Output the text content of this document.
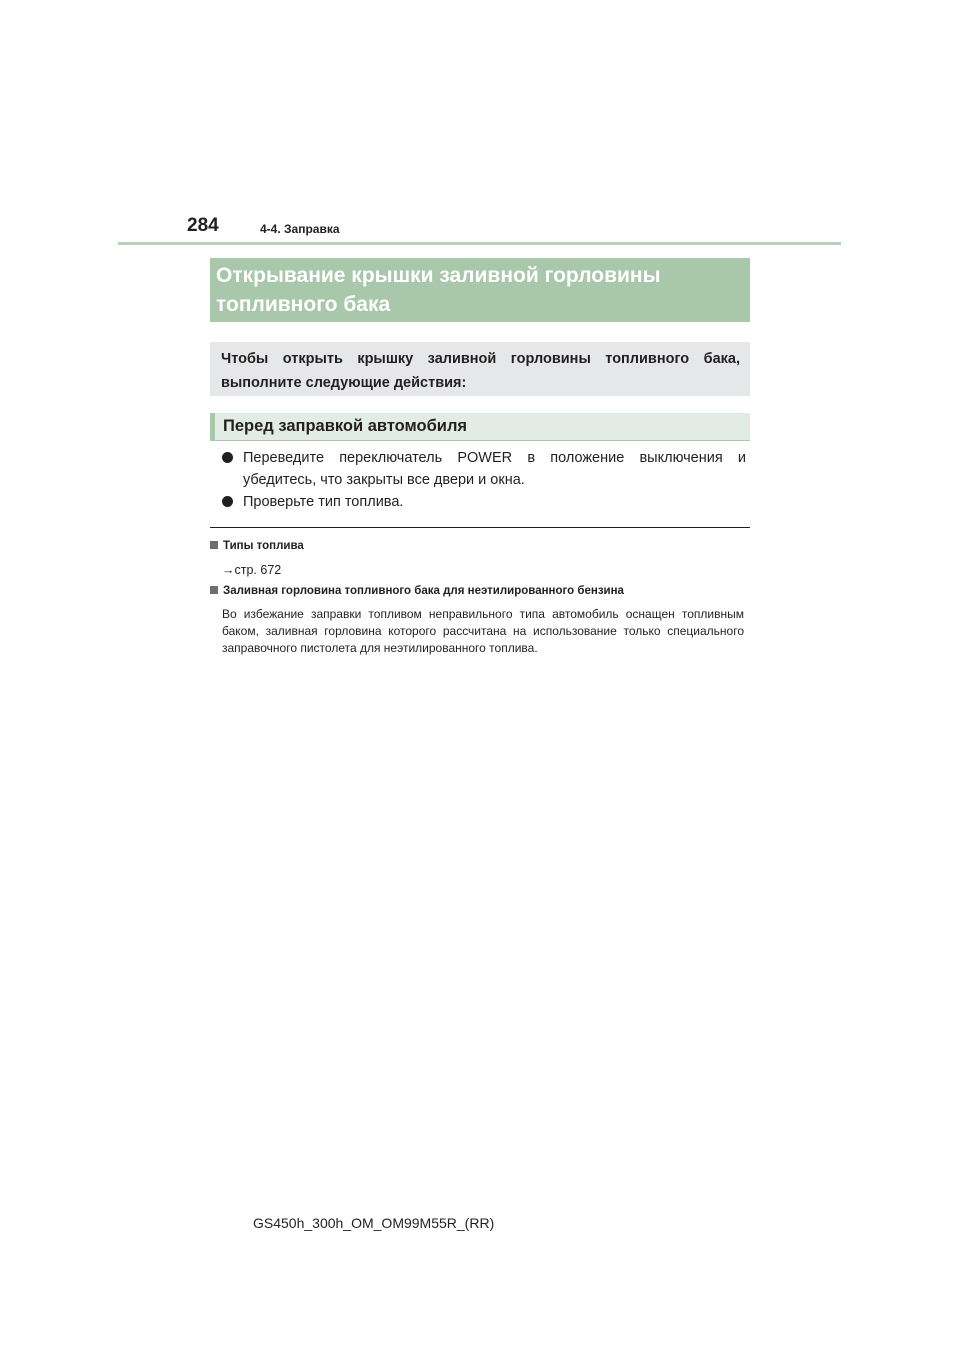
284	4-4. Заправка
Открывание крышки заливной горловины топливного бака
Чтобы открыть крышку заливной горловины топливного бака, выполните следующие действия:
Перед заправкой автомобиля
Переведите переключатель POWER в положение выключения и убедитесь, что закрыты все двери и окна.
Проверьте тип топлива.
Типы топлива
→стр. 672
Заливная горловина топливного бака для неэтилированного бензина
Во избежание заправки топливом неправильного типа автомобиль оснащен топливным баком, заливная горловина которого рассчитана на использование только специального заправочного пистолета для неэтилированного топлива.
GS450h_300h_OM_OM99M55R_(RR)
